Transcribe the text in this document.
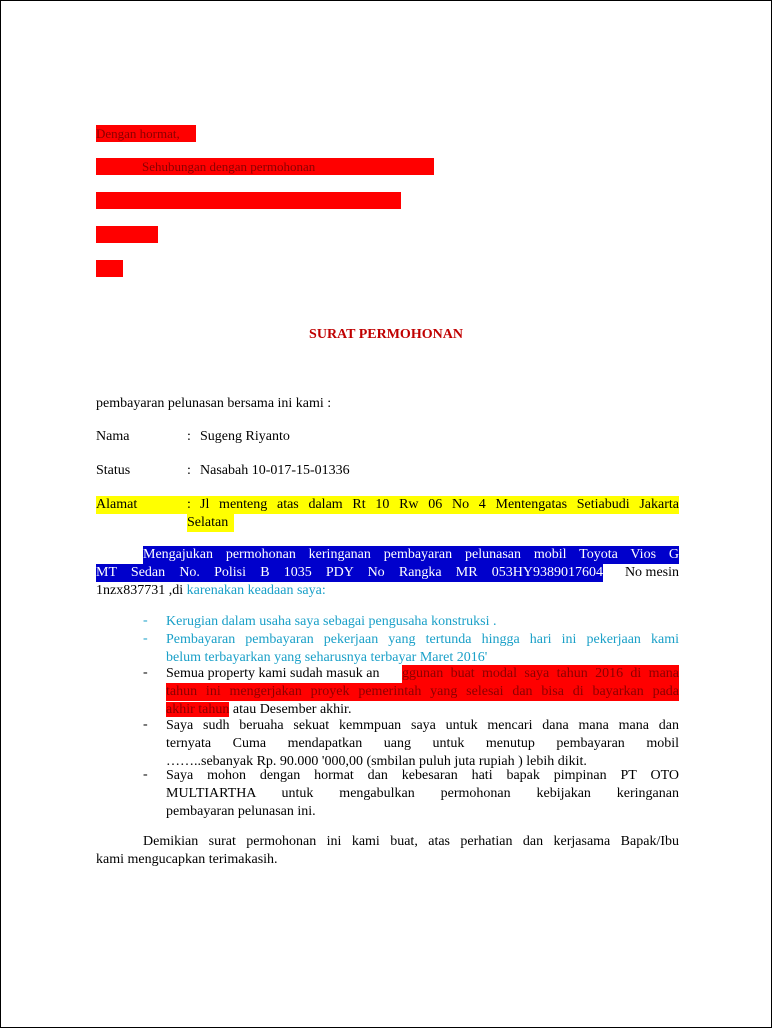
Dengan hormat,
Sehubungan dengan permohonan
SURAT PERMOHONAN
pembayaran pelunasan bersama ini kami :
Nama	: Sugeng Riyanto
Status	: Nasabah 10-017-15-01336
Alamat	: Jl menteng atas dalam Rt 10 Rw 06 No 4 Mentengatas Setiabudi Jakarta
Selatan
Mengajukan permohonan keringanan pembayaran pelunasan mobil Toyota Vios G
MT Sedan No. Polisi B 1035 PDY No Rangka MR 053HY9389017604 No mesin
1nzx837731 ,di karenakan keadaan saya:
- Kerugian dalam usaha saya sebagai pengusaha konstruksi .
- Pembayaran pembayaran pekerjaan yang tertunda hingga hari ini pekerjaan kami
belum terbayarkan yang seharusnya terbayar Maret 2016'
- Semua property kami sudah masuk an ggunan buat modal saya tahun 2016 di mana
tahun ini mengerjakan proyek pemerintah yang selesai dan bisa di bayarkan pada
akhir tahun atau Desember akhir.
- Saya sudh beruaha sekuat kemmpuan saya untuk mencari dana mana mana dan
ternyata Cuma mendapatkan uang untuk menutup pembayaran mobil
……..sebanyak Rp. 90.000 '000,00 (smbilan puluh juta rupiah ) lebih dikit.
- Saya mohon dengan hormat dan kebesaran hati bapak pimpinan PT OTO
MULTIARTHA untuk mengabulkan permohonan kebijakan keringanan
pembayaran pelunasan ini.
Demikian surat permohonan ini kami buat, atas perhatian dan kerjasama Bapak/Ibu
kami mengucapkan terimakasih.
